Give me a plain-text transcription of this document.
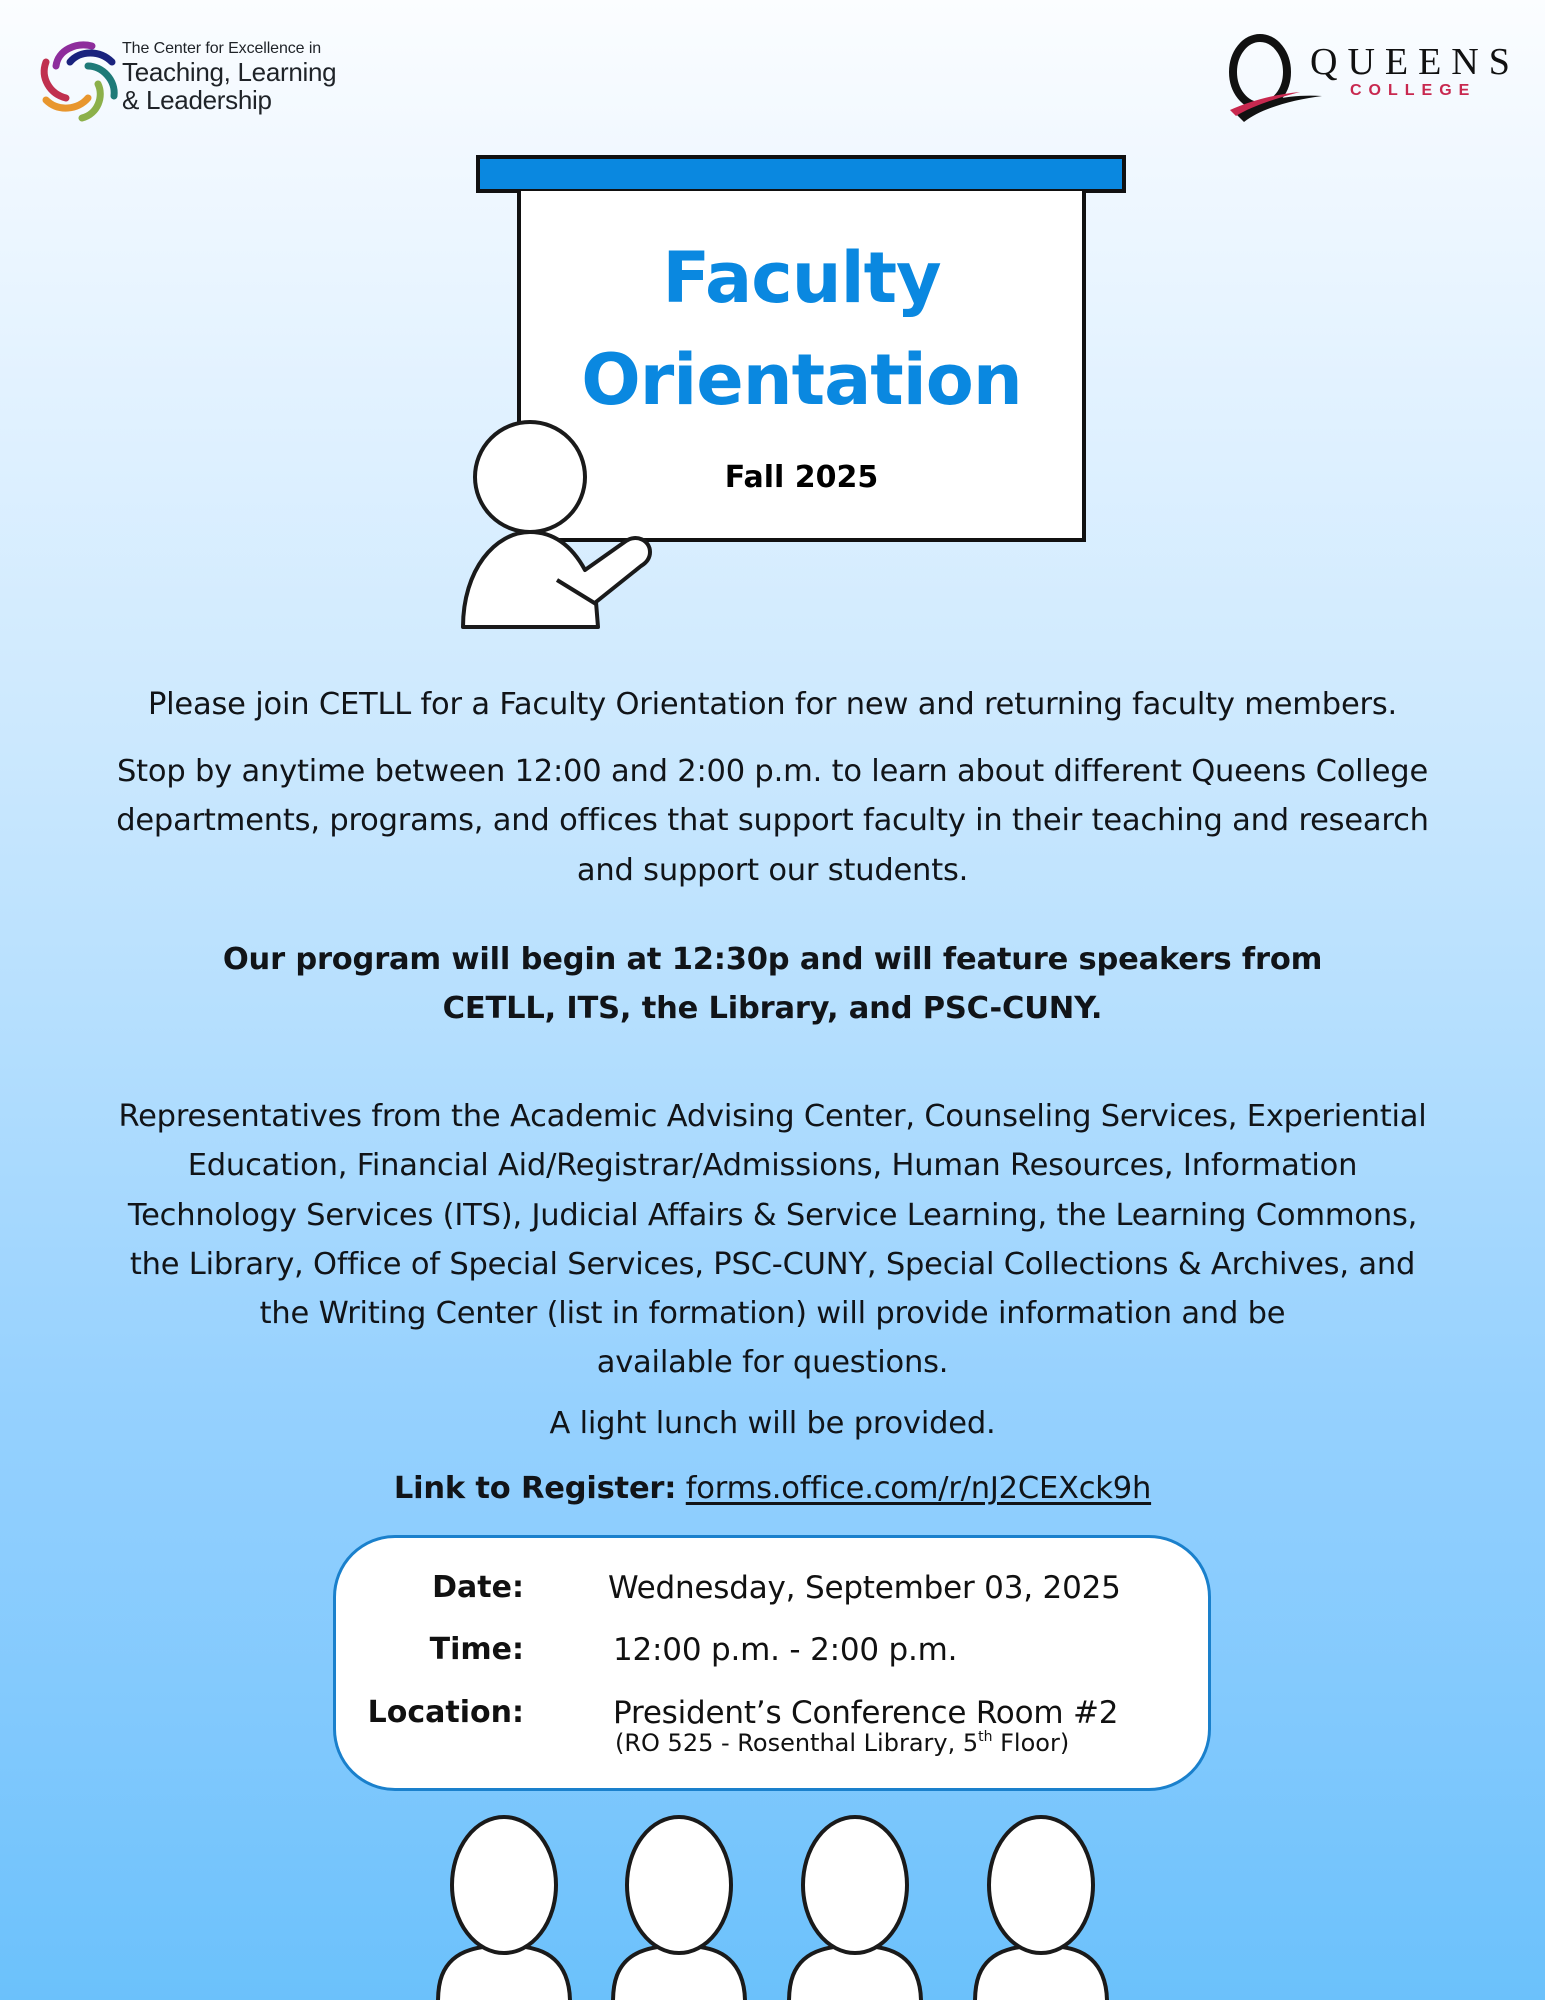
The Center for Excellence in
Teaching, Learning
& Leadership
QUEENS
COLLEGE
Faculty
Orientation
Fall 2025
Please join CETLL for a Faculty Orientation for new and returning faculty members.
Stop by anytime between 12:00 and 2:00 p.m. to learn about different Queens College
departments, programs, and offices that support faculty in their teaching and research
and support our students.
Our program will begin at 12:30p and will feature speakers from
CETLL, ITS, the Library, and PSC-CUNY.
Representatives from the Academic Advising Center, Counseling Services, Experiential
Education, Financial Aid/Registrar/Admissions, Human Resources, Information
Technology Services (ITS), Judicial Affairs & Service Learning, the Learning Commons,
the Library, Office of Special Services, PSC-CUNY, Special Collections & Archives, and
the Writing Center (list in formation) will provide information and be
available for questions.
A light lunch will be provided.
Link to Register: forms.office.com/r/nJ2CEXck9h
Date:	Wednesday, September 03, 2025
Time:	12:00 p.m. - 2:00 p.m.
Location:	President’s Conference Room #2
(RO 525 - Rosenthal Library, 5th Floor)
